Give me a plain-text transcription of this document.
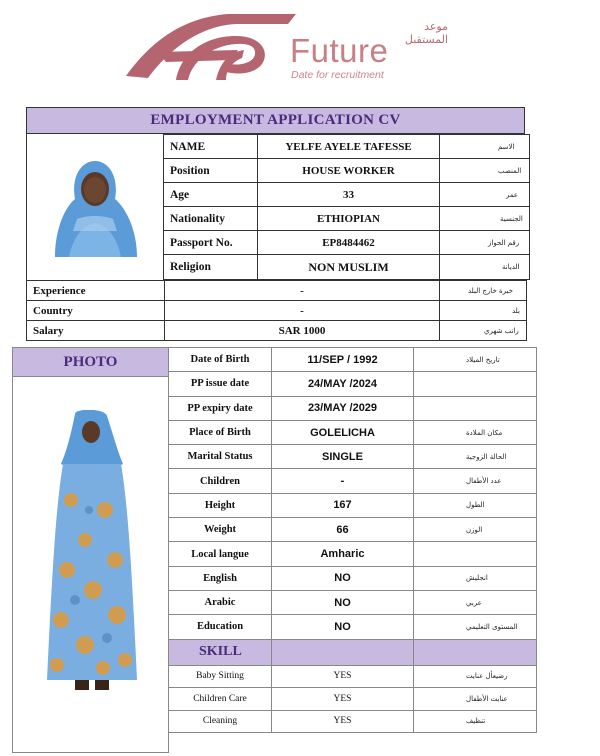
موعد المستقبل
Future
Date for recruitment
EMPLOYMENT APPLICATION CV
NAME	YELFE AYELE TAFESSE	الاسم
Position	HOUSE WORKER	المنصب
Age	33	عمر
Nationality	ETHIOPIAN	الجنسية
Passport No.	EP8484462	رقم الجواز
Religion	NON MUSLIM	الديانة
Experience	-	خبرة خارج البلد
Country	-	بلد
Salary	SAR 1000	راتب شهري
PHOTO	Date of Birth	11/SEP / 1992	تاريخ الميلاد
PP issue date	24/MAY /2024	
PP expiry date	23/MAY /2029	
Place of Birth	GOLELICHA	مكان الملادة
Marital Status	SINGLE	الحالة الزوجية
Children	-	عدد الأطفال
Height	167	الطول
Weight	66	الوزن
Local langue	Amharic	
English	NO	انجليش
Arabic	NO	عربي
Education	NO	المستوى التعليمي
SKILL		
Baby Sitting	YES	رضيعأل عنايت
Children Care	YES	عنايت الأطفال
Cleaning	YES	تنظيف
